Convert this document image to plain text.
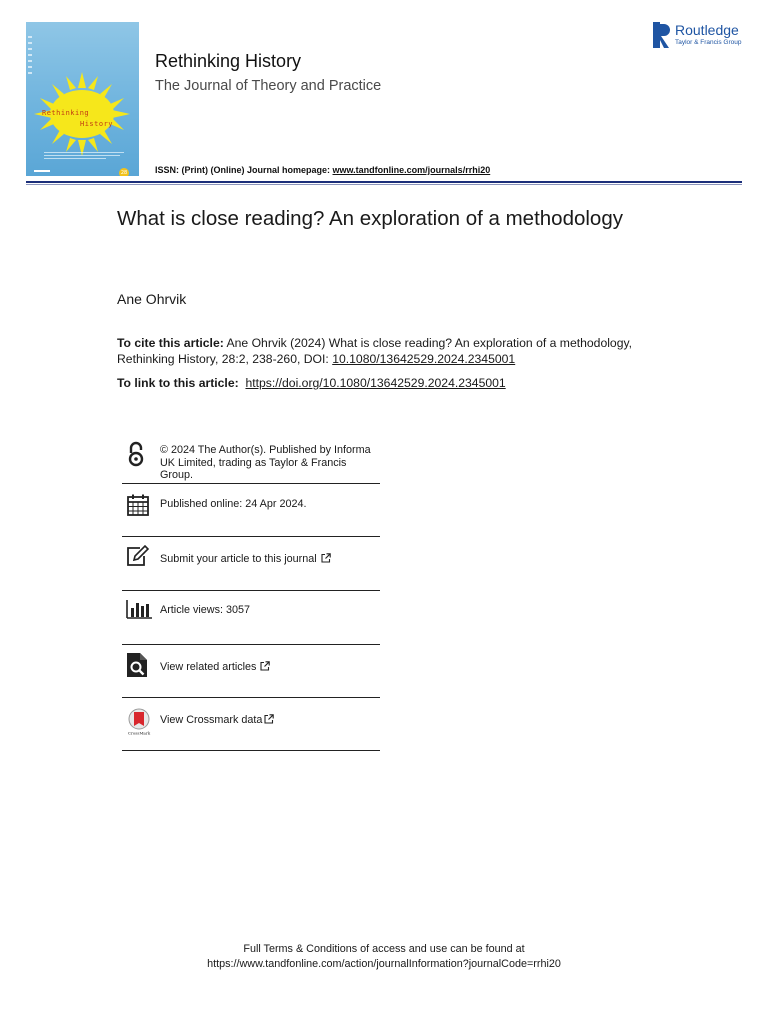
Rethinking
History
28
Rethinking History
The Journal of Theory and Practice
ISSN: (Print) (Online) Journal homepage: www.tandfonline.com/journals/rrhi20
Routledge
Taylor & Francis Group
What is close reading? An exploration of a methodology
Ane Ohrvik
To cite this article: Ane Ohrvik (2024) What is close reading? An exploration of a methodology, Rethinking History, 28:2, 238-260, DOI: 10.1080/13642529.2024.2345001
To link to this article: https://doi.org/10.1080/13642529.2024.2345001
© 2024 The Author(s). Published by Informa UK Limited, trading as Taylor & Francis Group.
Published online: 24 Apr 2024.
Submit your article to this journal
Article views: 3057
View related articles
CrossMark
View Crossmark data
Full Terms & Conditions of access and use can be found at
https://www.tandfonline.com/action/journalInformation?journalCode=rrhi20
